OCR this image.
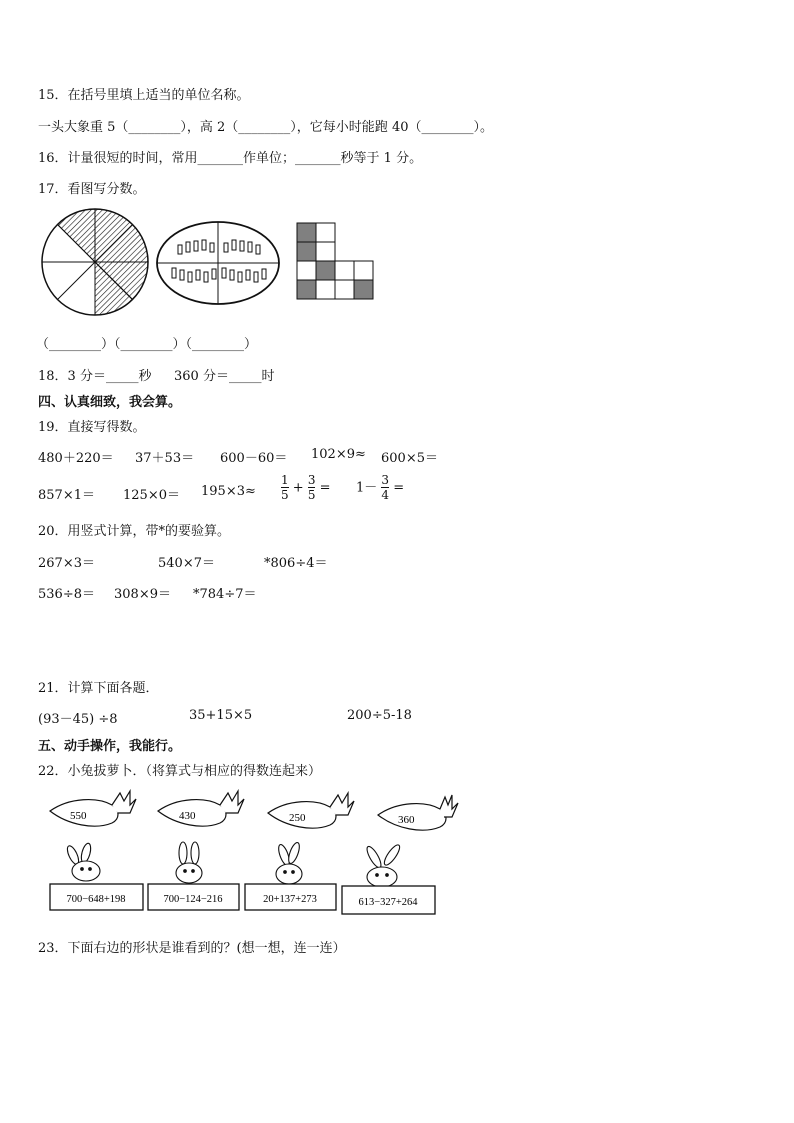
15．在括号里填上适当的单位名称。
一头大象重 5（________），高 2（________），它每小时能跑 40（________）。
16．计量很短的时间，常用_______作单位；_______秒等于 1 分。
17．看图写分数。
（________）（________）（________）
18．3 分＝_____秒 360 分＝_____时
四、认真细致，我会算。
19．直接写得数。
480＋220＝ 37＋53＝ 600－60＝ 102×9≈ 600×5＝
$857\times 1= 125\times 0= 195\times 3\approx \frac{1}{5} + \frac{3}{5} = 1- \frac{3}{4}$ =
20．用竖式计算，带*的要验算。
267×3＝	540×7＝	*806÷4＝
536÷8＝ 308×9＝ *784÷7＝
21．计算下面各题．
(93－45) ÷8	35+15×5	200÷5-18
五、动手操作，我能行。
22．小兔拔萝卜．（将算式与相应的得数连起来）
550	430	250	360
700−648+198	700−124−216	20+137+273	613−327+264
23．下面右边的形状是谁看到的？(想一想，连一连）
